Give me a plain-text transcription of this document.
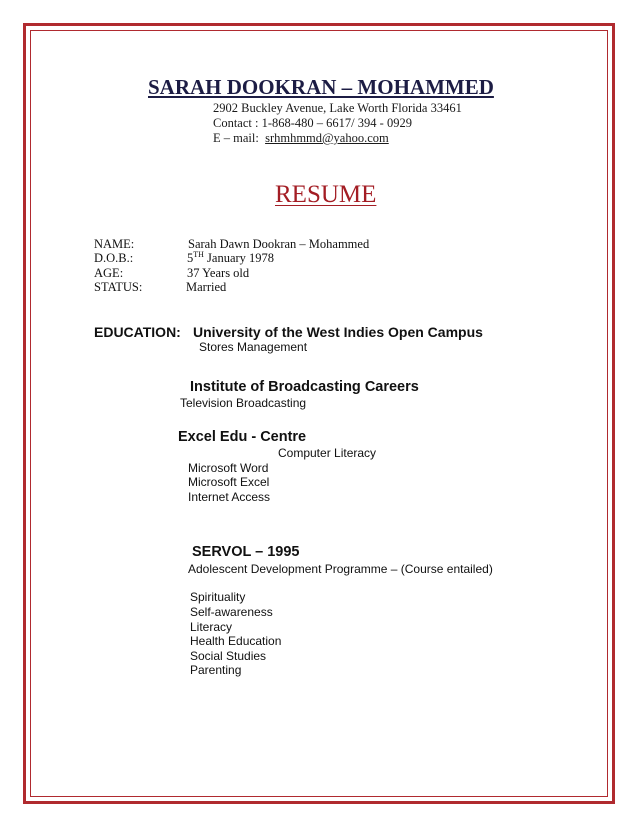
SARAH DOOKRAN – MOHAMMED
2902 Buckley Avenue, Lake Worth Florida 33461
Contact : 1-868-480 – 6617/ 394 - 0929
E – mail: srhmhmmd@yahoo.com
RESUME
NAME:	Sarah Dawn Dookran – Mohammed
D.O.B.:	5TH January 1978
AGE:	37 Years old
STATUS:	Married
EDUCATION: University of the West Indies Open Campus
Stores Management
Institute of Broadcasting Careers
Television Broadcasting
Excel Edu - Centre
Computer Literacy
Microsoft Word
Microsoft Excel
Internet Access
SERVOL – 1995
Adolescent Development Programme – (Course entailed)
Spirituality
Self-awareness
Literacy
Health Education
Social Studies
Parenting
